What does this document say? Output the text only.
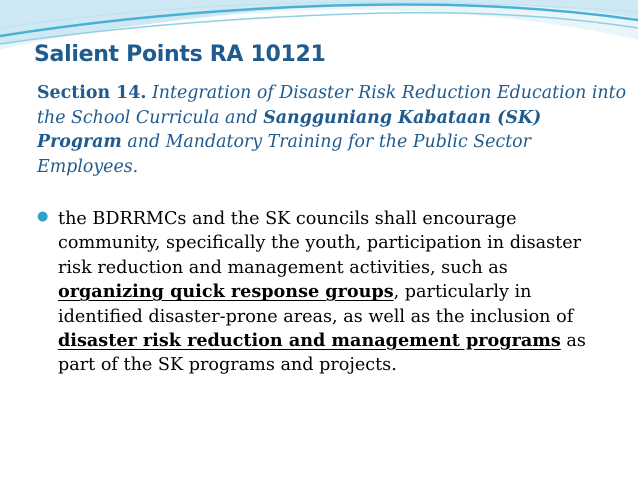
Salient Points RA 10121
Section 14. Integration of Disaster Risk Reduction Education into the School Curricula and Sangguniang Kabataan (SK) Program and Mandatory Training for the Public Sector Employees.
● the BDRRMCs and the SK councils shall encourage community, specifically the youth, participation in disaster risk reduction and management activities, such as organizing quick response groups, particularly in identified disaster-prone areas, as well as the inclusion of disaster risk reduction and management programs as part of the SK programs and projects.
